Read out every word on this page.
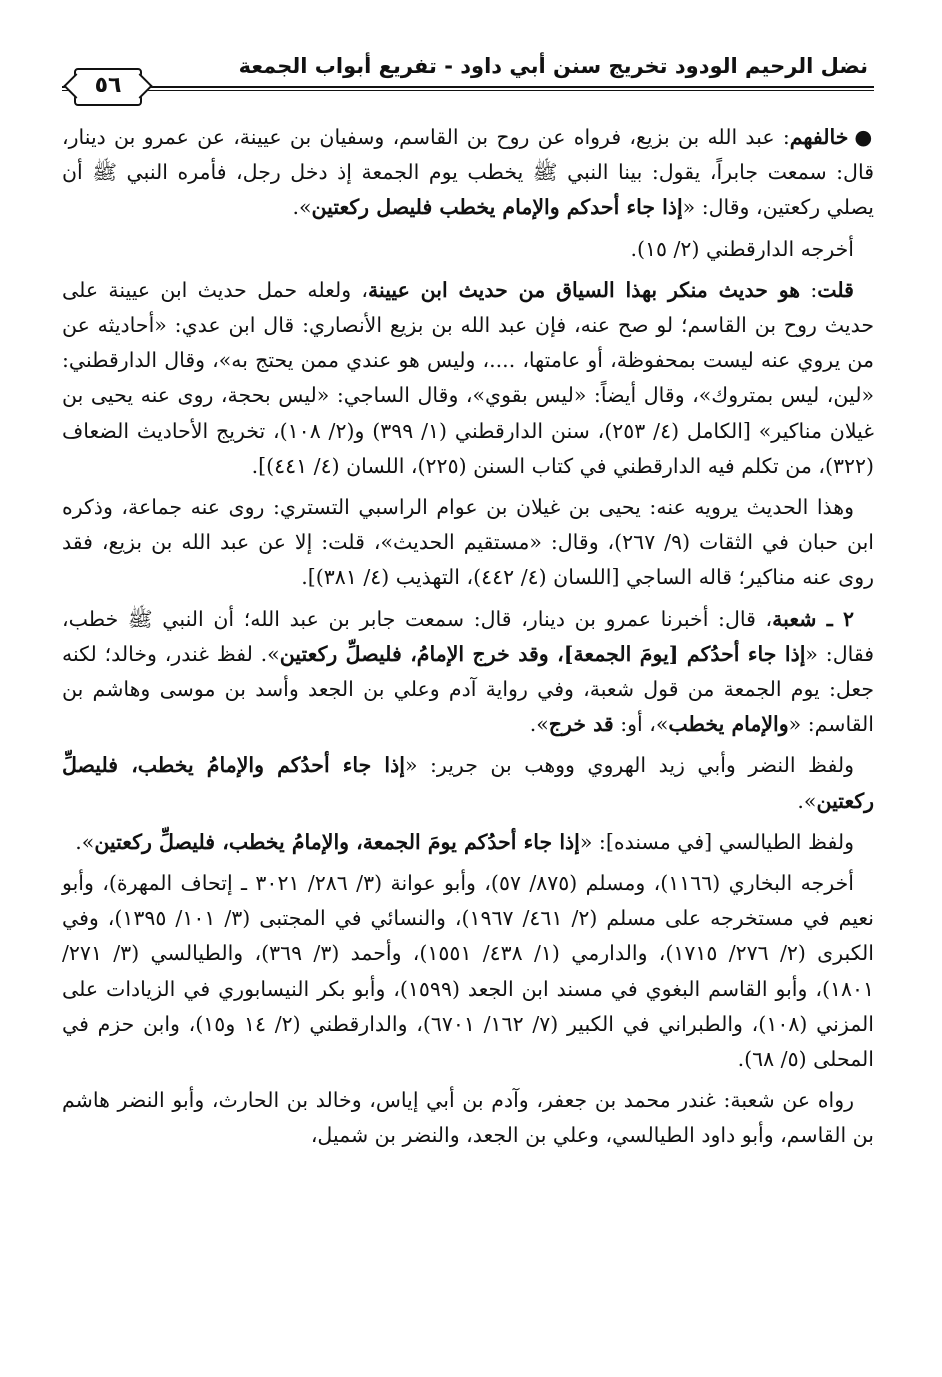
نضل الرحيم الودود تخريج سنن أبي داود - تفريع أبواب الجمعة
٥٦

●خالفهم: عبد الله بن بزيع، فرواه عن روح بن القاسم، وسفيان بن عيينة، عن عمرو بن دينار، قال: سمعت جابراً، يقول: بينا النبي ﷺ يخطب يوم الجمعة إذ دخل رجل، فأمره النبي ﷺ أن يصلي ركعتين، وقال: «إذا جاء أحدكم والإمام يخطب فليصل ركعتين».

أخرجه الدارقطني (٢/ ١٥).

قلت: هو حديث منكر بهذا السياق من حديث ابن عيينة، ولعله حمل حديث ابن عيينة على حديث روح بن القاسم؛ لو صح عنه، فإن عبد الله بن بزيع الأنصاري: قال ابن عدي: «أحاديثه عن من يروي عنه ليست بمحفوظة، أو عامتها، ....، وليس هو عندي ممن يحتج به»، وقال الدارقطني: «لين، ليس بمتروك»، وقال أيضاً: «ليس بقوي»، وقال الساجي: «ليس بحجة، روى عنه يحيى بن غيلان مناكير» [الكامل (٤/ ٢٥٣)، سنن الدارقطني (١/ ٣٩٩) و(٢/ ١٠٨)، تخريج الأحاديث الضعاف (٣٢٢)، من تكلم فيه الدارقطني في كتاب السنن (٢٢٥)، اللسان (٤/ ٤٤١)].

وهذا الحديث يرويه عنه: يحيى بن غيلان بن عوام الراسبي التستري: روى عنه جماعة، وذكره ابن حبان في الثقات (٩/ ٢٦٧)، وقال: «مستقيم الحديث»، قلت: إلا عن عبد الله بن بزيع، فقد روى عنه مناكير؛ قاله الساجي [اللسان (٤/ ٤٤٢)، التهذيب (٤/ ٣٨١)].

٢ ـ شعبة، قال: أخبرنا عمرو بن دينار، قال: سمعت جابر بن عبد الله؛ أن النبي ﷺ خطب، فقال: «إذا جاء أحدُكم [يومَ الجمعة]، وقد خرج الإمامُ، فليصلِّ ركعتين». لفظ غندر، وخالد؛ لكنه جعل: يوم الجمعة من قول شعبة، وفي رواية آدم وعلي بن الجعد وأسد بن موسى وهاشم بن القاسم: «والإمام يخطب»، أو: قد خرج».

ولفظ النضر وأبي زيد الهروي ووهب بن جرير: «إذا جاء أحدُكم والإمامُ يخطب، فليصلِّ ركعتين».

ولفظ الطيالسي [في مسنده]: «إذا جاء أحدُكم يومَ الجمعة، والإمامُ يخطب، فليصلِّ ركعتين».

أخرجه البخاري (١١٦٦)، ومسلم (٨٧٥/ ٥٧)، وأبو عوانة (٣/ ٢٨٦/ ٣٠٢١ ـ إتحاف المهرة)، وأبو نعيم في مستخرجه على مسلم (٢/ ٤٦١/ ١٩٦٧)، والنسائي في المجتبى (٣/ ١٠١/ ١٣٩٥)، وفي الكبرى (٢/ ٢٧٦/ ١٧١٥)، والدارمي (١/ ٤٣٨/ ١٥٥١)، وأحمد (٣/ ٣٦٩)، والطيالسي (٣/ ٢٧١/ ١٨٠١)، وأبو القاسم البغوي في مسند ابن الجعد (١٥٩٩)، وأبو بكر النيسابوري في الزيادات على المزني (١٠٨)، والطبراني في الكبير (٧/ ١٦٢/ ٦٧٠١)، والدارقطني (٢/ ١٤ و١٥)، وابن حزم في المحلى (٥/ ٦٨).

رواه عن شعبة: غندر محمد بن جعفر، وآدم بن أبي إياس، وخالد بن الحارث، وأبو النضر هاشم بن القاسم، وأبو داود الطيالسي، وعلي بن الجعد، والنضر بن شميل،
